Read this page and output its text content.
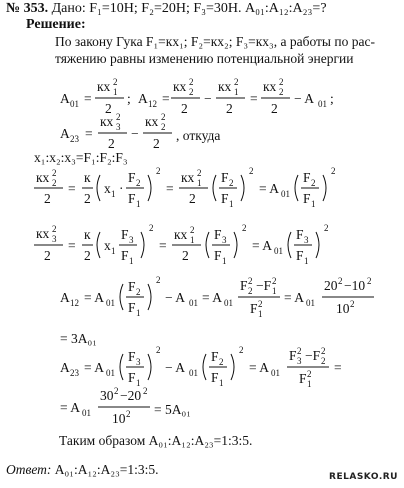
№ 353. Дано: F₁=10Н; F₂=20Н; F₃=30Н. A₀₁:A₁₂:A₂₃=?
Решение:
По закону Гука F₁=кx₁; F₂=кx₂; F₃=кx₃, а работы по рас-
тяжению равны изменению потенциальной энергии
x₁:x₂:x₃=F₁:F₂:F₃
A 01 =
кx 1
2
2
; A 12 =
кx 2
2
2
−
кx 1
2
2
=
кx 2
2
2
− A 01 ;
A 23 =
кx 3
2
2
−
кx 2
2
2
кx 2
2
2
=
к
2
x 1 ·
F 2
F 1
2
=
кx 1
2
2
F 2
F 1
2
= A 01
F 2
F 1
2
кx 3
2
2
=
к
2
x 1
F 3
F 1
2
=
кx 1
2
2
F 3
F 1
2
= A 01
F 3
F 1
2
A 12 = A 01
F 2
F 1
2
− A 01 = A 01
F 2
2 −F 1
2
F 1
2 = A 01
20 2 −10 2
10 2
A 23 = A 01
F 3
F 1
2
− A 01
F 2
F 1
2
= A 01
F 3
2 −F 2
2
F 1
2 =
= A 01
30 2 −20 2
10 2
, откуда
= 3A₀₁
= 5A₀₁
Таким образом A₀₁:A₁₂:A₂₃=1:3:5.
Ответ: A₀₁:A₁₂:A₂₃=1:3:5.	RELASKO.RU
